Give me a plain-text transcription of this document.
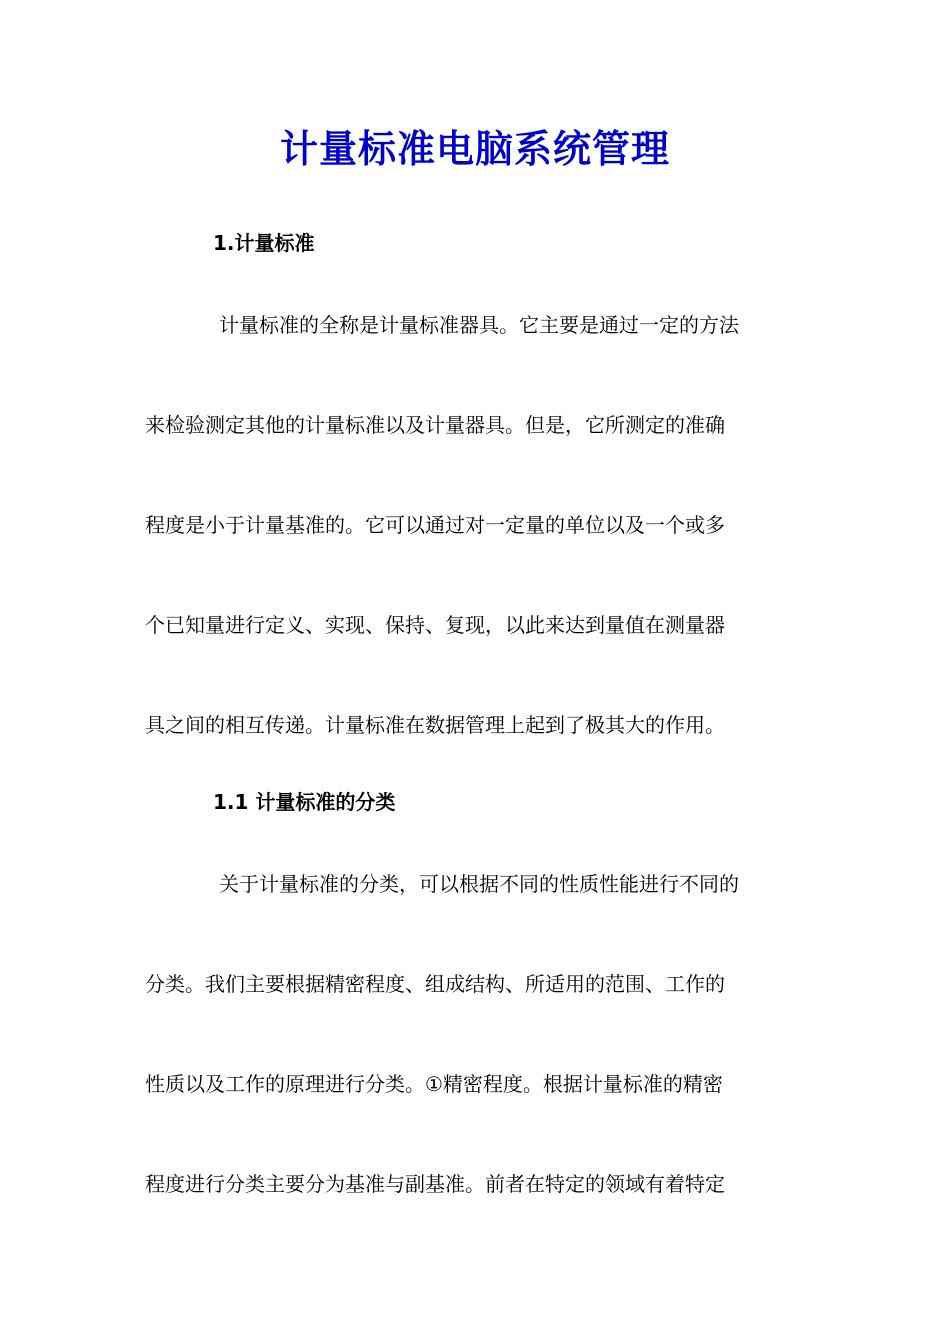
计量标准电脑系统管理
1.计量标准
计量标准的全称是计量标准器具。它主要是通过一定的方法
来检验测定其他的计量标准以及计量器具。但是，它所测定的准确
程度是小于计量基准的。它可以通过对一定量的单位以及一个或多
个已知量进行定义、实现、保持、复现，以此来达到量值在测量器
具之间的相互传递。计量标准在数据管理上起到了极其大的作用。
1.1 计量标准的分类
关于计量标准的分类，可以根据不同的性质性能进行不同的
分类。我们主要根据精密程度、组成结构、所适用的范围、工作的
性质以及工作的原理进行分类。①精密程度。根据计量标准的精密
程度进行分类主要分为基准与副基准。前者在特定的领域有着特定
